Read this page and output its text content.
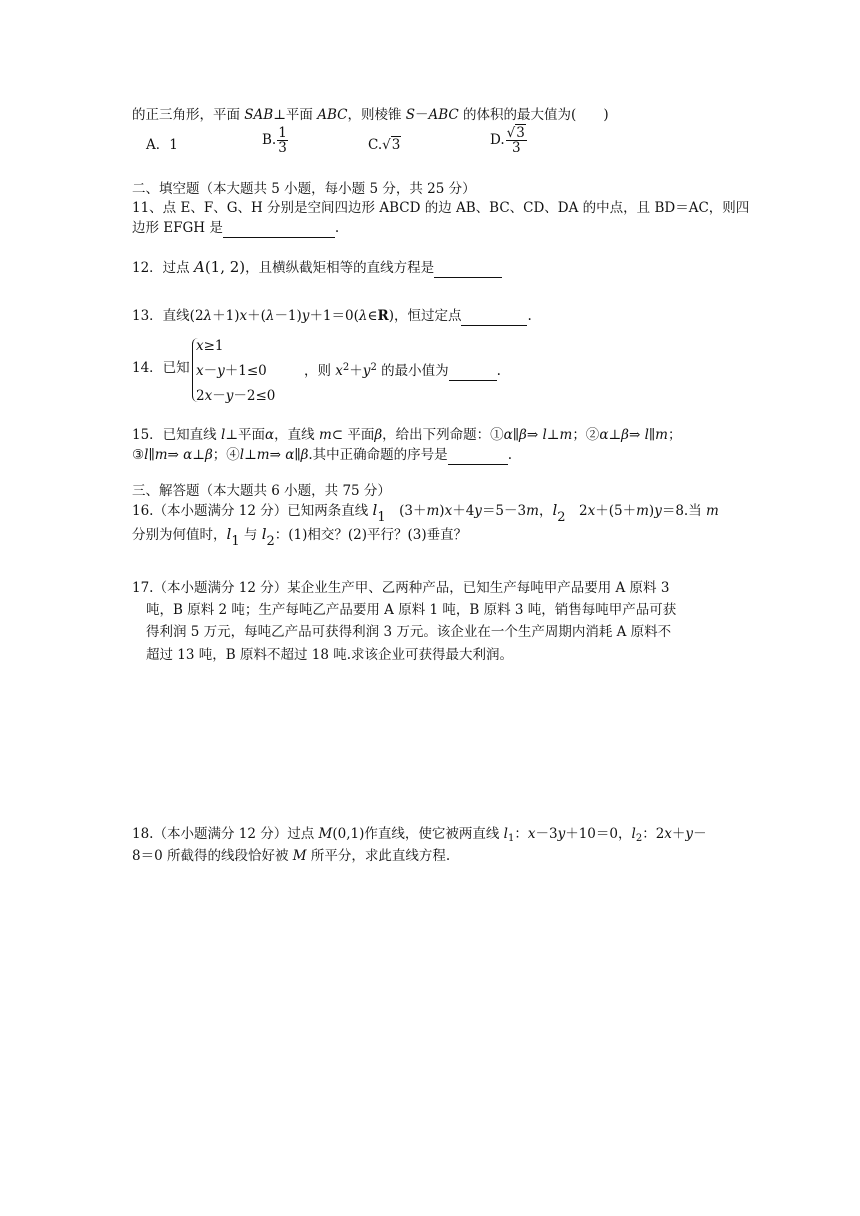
的正三角形，平面 SAB⊥平面 ABC，则棱锥 S－ABC 的体积的最大值为(　　)
A．1	B. $\frac{1}{3}$	C.√3	D. $\frac{√3}{3}$
二、填空题（本大题共 5 小题，每小题 5 分，共 25 分）
11、点 E、F、G、H 分别是空间四边形 ABCD 的边 AB、BC、CD、DA 的中点，且 BD＝AC，则四
边形 EFGH 是	.
12．过点 A(1, 2)，且横纵截矩相等的直线方程是
13．直线(2λ＋1)x＋(λ－1)y＋1＝0(λ∈R)，恒过定点	.
14．已知
x≥1
x－y＋1≤0
2x－y－2≤0
，则 $x^2+y^2$ 的最小值为	.
15．已知直线 l⊥平面α，直线 m⊂ 平面β，给出下列命题：①α∥β⇒ l⊥m；②α⊥β⇒ l∥m；
③l∥m⇒ α⊥β；④l⊥m⇒ α∥β.其中正确命题的序号是	.
三、解答题（本大题共 6 小题，共 75 分）
16.（本小题满分 12 分）已知两条直线 l1　(3＋m)x＋4y＝5－3m，l2　2x＋(5＋m)y＝8.当 m
分别为何值时，l1 与 l2：(1)相交？(2)平行？(3)垂直？
17.（本小题满分 12 分）某企业生产甲、乙两种产品，已知生产每吨甲产品要用 A 原料 3
吨，B 原料 2 吨；生产每吨乙产品要用 A 原料 1 吨，B 原料 3 吨，销售每吨甲产品可获
得利润 5 万元，每吨乙产品可获得利润 3 万元。该企业在一个生产周期内消耗 A 原料不
超过 13 吨，B 原料不超过 18 吨.求该企业可获得最大利润。
18.（本小题满分 12 分）过点 M(0,1)作直线，使它被两直线 $l_1$：x－3y＋10＝0，$l_2$：2x＋y－
8＝0 所截得的线段恰好被 M 所平分，求此直线方程.
